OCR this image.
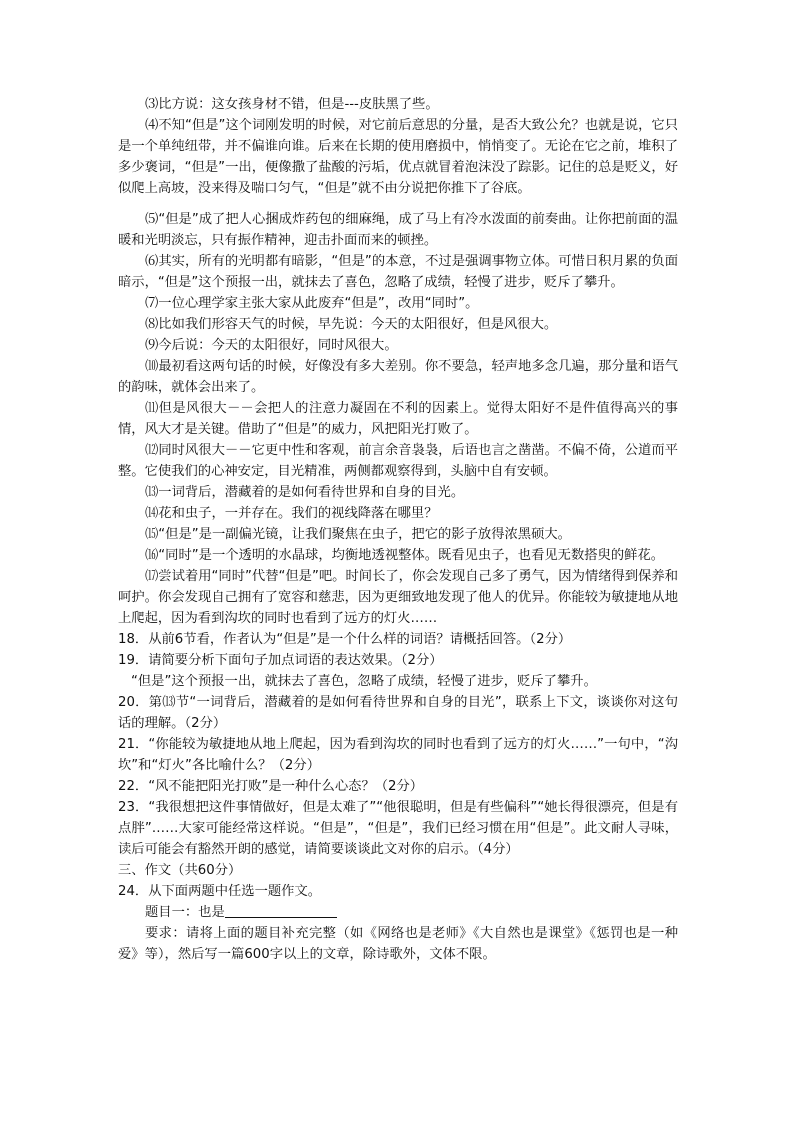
⑶比方说：这女孩身材不错，但是---皮肤黑了些。

⑷不知“但是”这个词刚发明的时候，对它前后意思的分量，是否大致公允？也就是说，它只是一个单纯纽带，并不偏谁向谁。后来在长期的使用磨损中，悄悄变了。无论在它之前，堆积了多少褒词，“但是”一出，便像撒了盐酸的污垢，优点就冒着泡沫没了踪影。记住的总是贬义，好似爬上高坡，没来得及喘口匀气，“但是”就不由分说把你推下了谷底。

⑸“但是”成了把人心捆成炸药包的细麻绳，成了马上有冷水泼面的前奏曲。让你把前面的温暖和光明淡忘，只有振作精神，迎击扑面而来的顿挫。

⑹其实，所有的光明都有暗影，“但是”的本意，不过是强调事物立体。可惜日积月累的负面暗示，“但是”这个预报一出，就抹去了喜色，忽略了成绩，轻慢了进步，贬斥了攀升。

⑺一位心理学家主张大家从此废弃“但是”，改用“同时”。

⑻比如我们形容天气的时候，早先说：今天的太阳很好，但是风很大。

⑼今后说：今天的太阳很好，同时风很大。

⑽最初看这两句话的时候，好像没有多大差别。你不要急，轻声地多念几遍，那分量和语气的韵味，就体会出来了。

⑾但是风很大－－会把人的注意力凝固在不利的因素上。觉得太阳好不是件值得高兴的事情，风大才是关键。借助了“但是”的威力，风把阳光打败了。

⑿同时风很大－－它更中性和客观，前言余音袅袅，后语也言之凿凿。不偏不倚，公道而平整。它使我们的心神安定，目光精准，两侧都观察得到，头脑中自有安顿。

⒀一词背后，潜藏着的是如何看待世界和自身的目光。

⒁花和虫子，一并存在。我们的视线降落在哪里？

⒂“但是”是一副偏光镜，让我们聚焦在虫子，把它的影子放得浓黑硕大。

⒃“同时”是一个透明的水晶球，均衡地透视整体。既看见虫子，也看见无数搭臾的鲜花。

⒄尝试着用“同时”代替“但是”吧。时间长了，你会发现自己多了勇气，因为情绪得到保养和呵护。你会发现自己拥有了宽容和慈悲，因为更细致地发现了他人的优异。你能较为敏捷地从地上爬起，因为看到沟坎的同时也看到了远方的灯火……

18．从前6节看，作者认为“但是”是一个什么样的词语？请概括回答。（2分）

19．请简要分析下面句子加点词语的表达效果。（2分）

“但是”这个预报一出，就抹去了喜色，忽略了成绩，轻慢了进步，贬斥了攀升。

20．第⒀节“一词背后，潜藏着的是如何看待世界和自身的目光”，联系上下文，谈谈你对这句话的理解。（2分）

21．“你能较为敏捷地从地上爬起，因为看到沟坎的同时也看到了远方的灯火……”一句中，“沟坎”和“灯火”各比喻什么？（2分）

22．“风不能把阳光打败”是一种什么心态？（2分）

23．“我很想把这件事情做好，但是太难了”“他很聪明，但是有些偏科”“她长得很漂亮，但是有点胖”……大家可能经常这样说。“但是”，“但是”，我们已经习惯在用“但是”。此文耐人寻味，读后可能会有豁然开朗的感觉，请简要谈谈此文对你的启示。（4分）

三、作文（共60分）

24．从下面两题中任选一题作文。

题目一：也是

要求：请将上面的题目补充完整（如《网络也是老师》《大自然也是课堂》《惩罚也是一种爱》等），然后写一篇600字以上的文章，除诗歌外，文体不限。
